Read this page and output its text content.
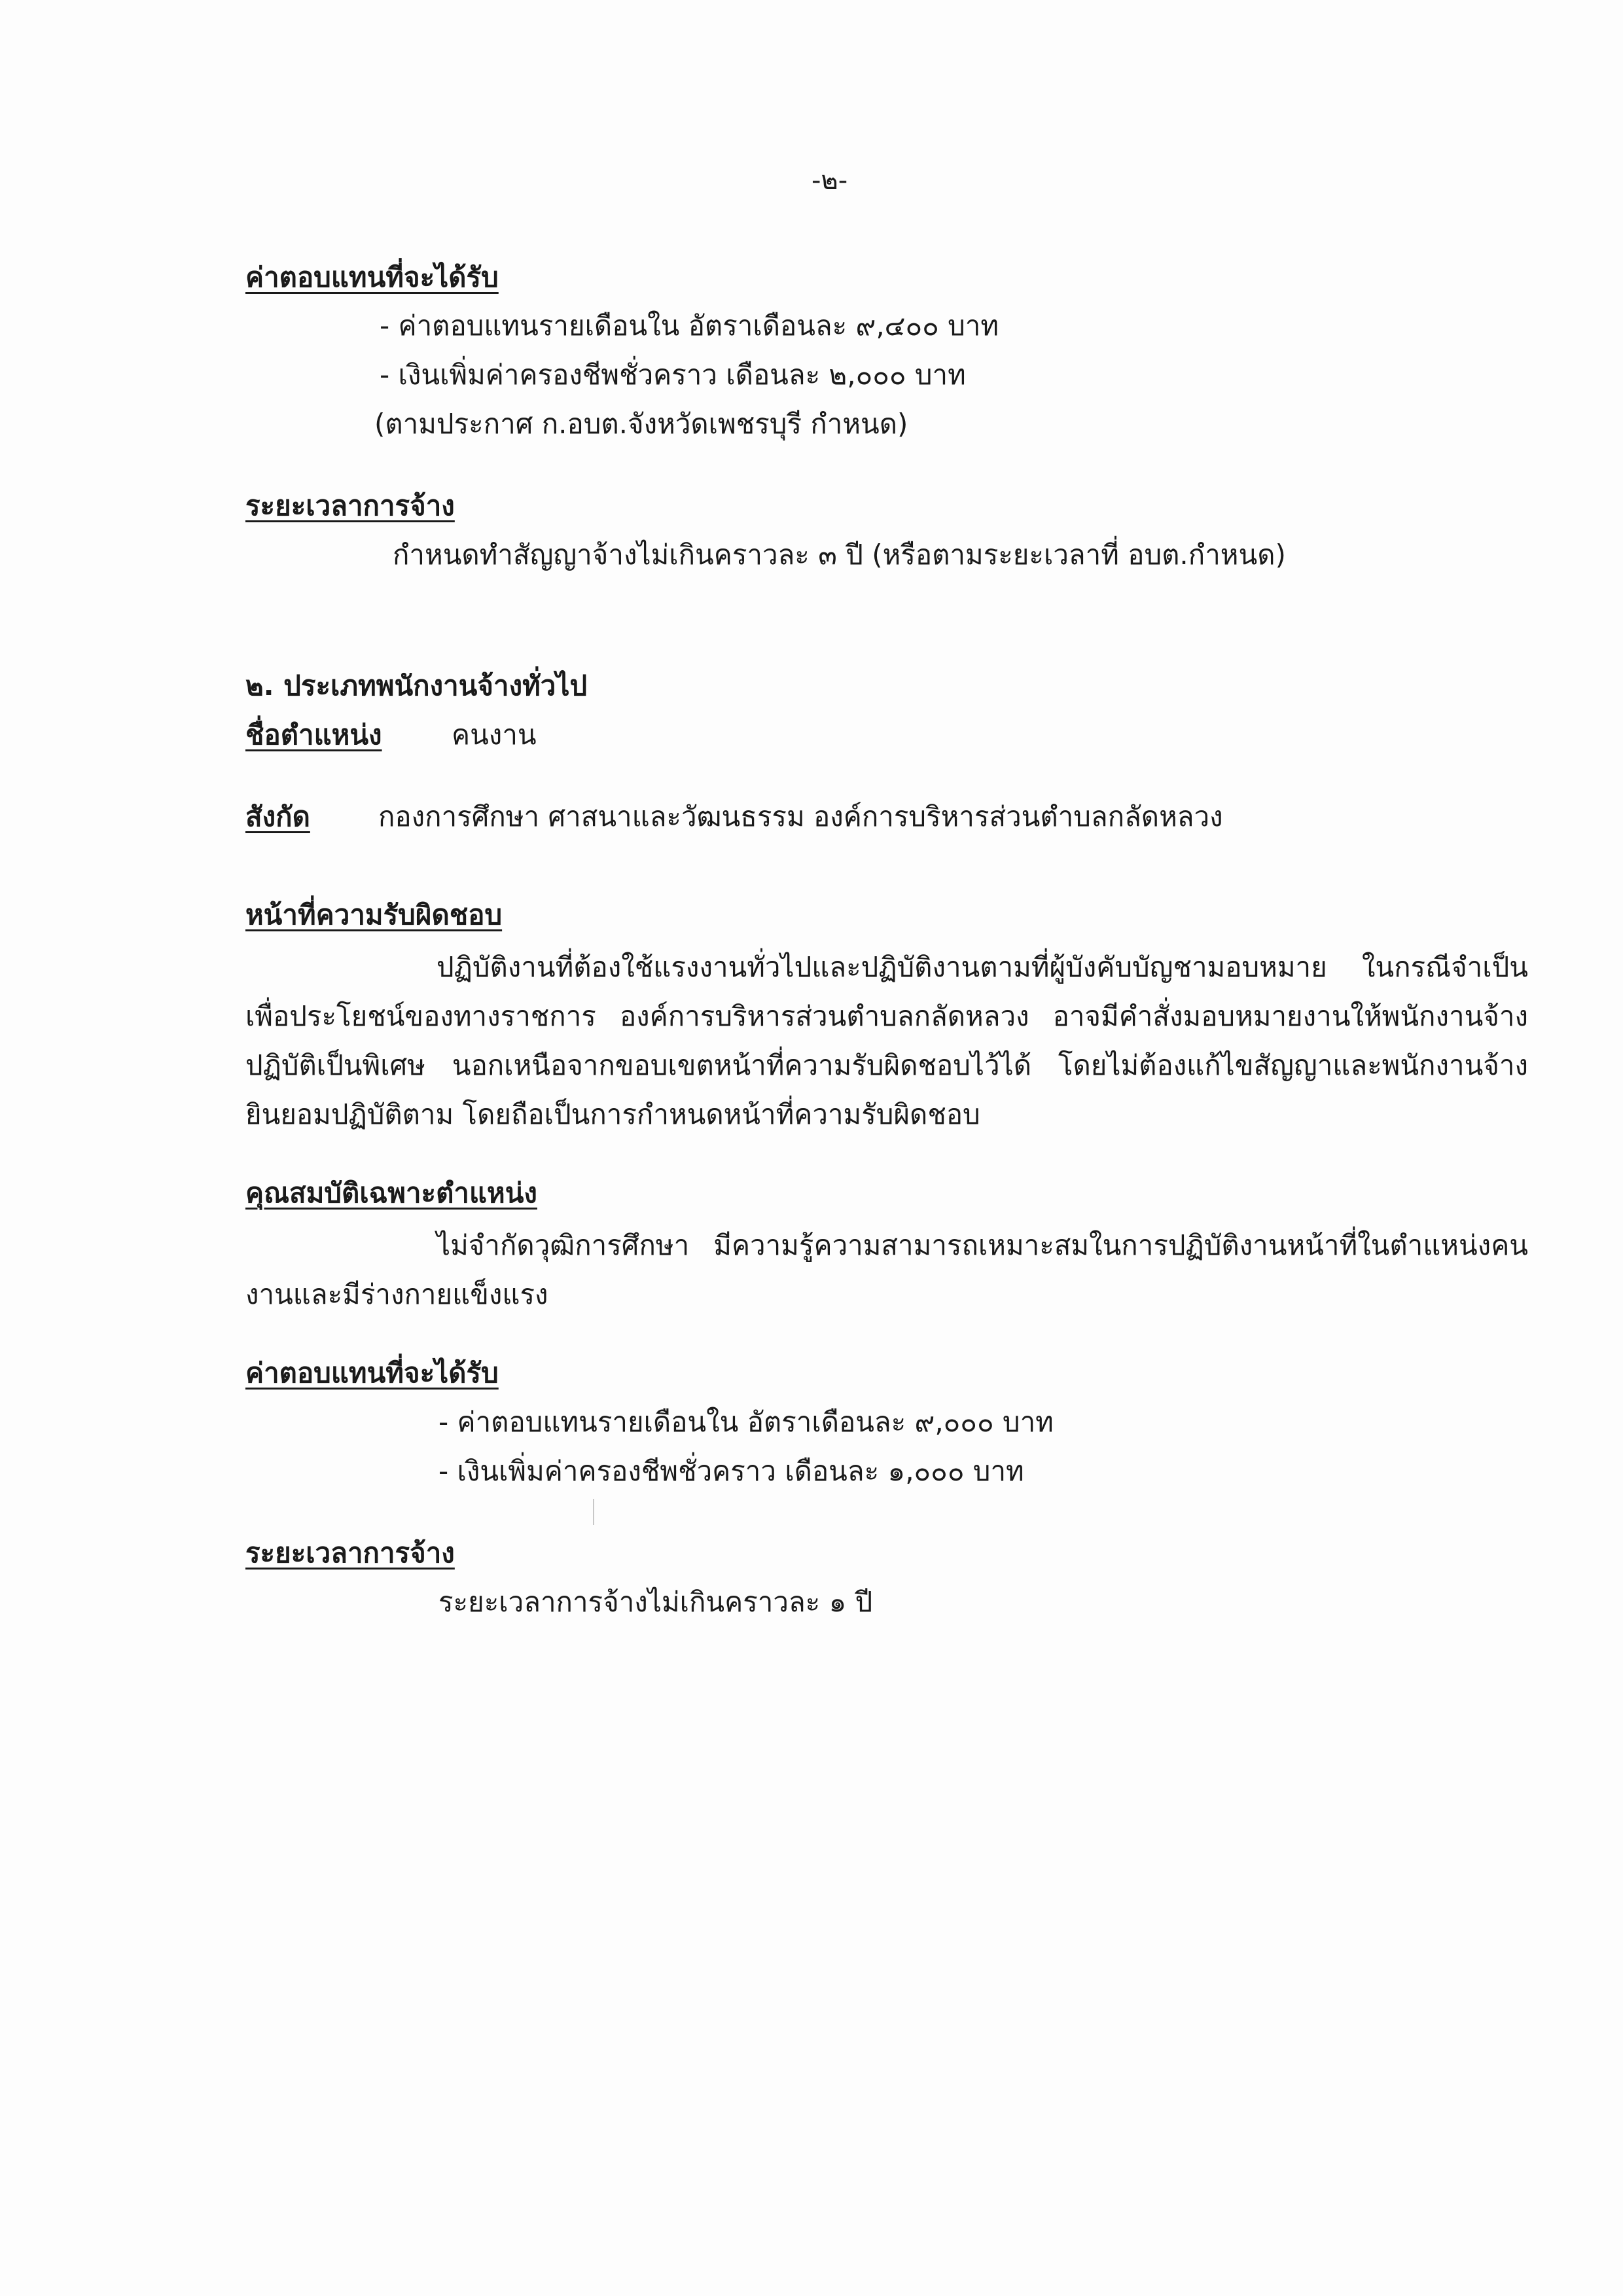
-๒-
ค่าตอบแทนที่จะได้รับ
- ค่าตอบแทนรายเดือนใน อัตราเดือนละ ๙,๔๐๐ บาท
- เงินเพิ่มค่าครองชีพชั่วคราว เดือนละ ๒,๐๐๐ บาท
(ตามประกาศ ก.อบต.จังหวัดเพชรบุรี กำหนด)
ระยะเวลาการจ้าง
กำหนดทำสัญญาจ้างไม่เกินคราวละ ๓ ปี (หรือตามระยะเวลาที่ อบต.กำหนด)
๒. ประเภทพนักงานจ้างทั่วไป
ชื่อตำแหน่ง	คนงาน
สังกัด กองการศึกษา ศาสนาและวัฒนธรรม องค์การบริหารส่วนตำบลกลัดหลวง
หน้าที่ความรับผิดชอบ
ปฏิบัติงานที่ต้องใช้แรงงานทั่วไปและปฏิบัติงานตามที่ผู้บังคับบัญชามอบหมาย ในกรณีจำเป็นเพื่อประโยชน์ของทางราชการ องค์การบริหารส่วนตำบลกลัดหลวง อาจมีคำสั่งมอบหมายงานให้พนักงานจ้างปฏิบัติเป็นพิเศษ นอกเหนือจากขอบเขตหน้าที่ความรับผิดชอบไว้ได้ โดยไม่ต้องแก้ไขสัญญาและพนักงานจ้างยินยอมปฏิบัติตาม โดยถือเป็นการกำหนดหน้าที่ความรับผิดชอบ
คุณสมบัติเฉพาะตำแหน่ง
ไม่จำกัดวุฒิการศึกษา มีความรู้ความสามารถเหมาะสมในการปฏิบัติงานหน้าที่ในตำแหน่งคนงานและมีร่างกายแข็งแรง
ค่าตอบแทนที่จะได้รับ
- ค่าตอบแทนรายเดือนใน อัตราเดือนละ ๙,๐๐๐ บาท
- เงินเพิ่มค่าครองชีพชั่วคราว เดือนละ ๑,๐๐๐ บาท
ระยะเวลาการจ้าง
ระยะเวลาการจ้างไม่เกินคราวละ ๑ ปี
